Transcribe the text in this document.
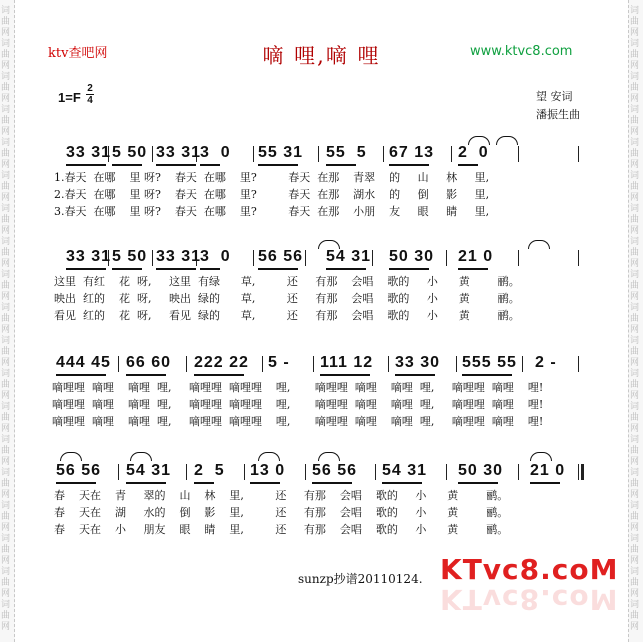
词
曲
网
词
曲
网
词
曲
网
词
曲
网
词
曲
网
词
曲
网
词
曲
网
词
曲
网
词
曲
网
词
曲
网
词
曲
网
词
曲
网
词
曲
网
词
曲
网
词
曲
网
词
曲
网
词
曲
网
词
曲
网
词
曲
网
词
曲
网
词
曲
网
词
曲
网
词
曲
网
词
曲
网
词
曲
网
词
曲
网
词
曲
网
词
曲
网
词
曲
网
词
曲
网
词
曲
网
词
曲
网
词
曲
网
词
曲
网
词
曲
网
词
曲
网
词
曲
网
词
曲
网
ktv查吧网	嘀 哩,嘀 哩	www.ktvc8.com
1=F
2
4	望 安词
潘振生曲
33 31 5 50 33 31
3  0 55 31 55  5 67 13 2  0
1.春天  在哪    里 呀?    春天  在哪    里?         春天  在那    青翠    的     山     林     里,
2.春天  在哪    里 呀?    春天  在哪    里?         春天  在那    湖水    的     倒     影     里,
3.春天  在哪    里 呀?    春天  在哪    里?         春天  在那    小朋    友     眼     睛     里,
33 31 5 50 33 31
3  0 56 56 54 31 50 30 21 0
这里  有红    花  呀,     这里  有绿      草,         还     有那    会唱    歌的     小      黄        鹂。
映出  红的    花  呀,     映出  绿的      草,         还     有那    会唱    歌的     小      黄        鹂。
看见  红的    花  呀,     看见  绿的      草,         还     有那    会唱    歌的     小      黄        鹂。
444 45 66 60 222 22 5 - 111 12 33 30 555 55 2 -
嘀哩哩  嘀哩    嘀哩  哩,     嘀哩哩  嘀哩哩    哩,       嘀哩哩  嘀哩    嘀哩  哩,     嘀哩哩  嘀哩    哩!
嘀哩哩  嘀哩    嘀哩  哩,     嘀哩哩  嘀哩哩    哩,       嘀哩哩  嘀哩    嘀哩  哩,     嘀哩哩  嘀哩    哩!
嘀哩哩  嘀哩    嘀哩  哩,     嘀哩哩  嘀哩哩    哩,       嘀哩哩  嘀哩    嘀哩  哩,     嘀哩哩  嘀哩    哩!
56 56 54 31 2  5 13 0 56 56 54 31 50 30 21 0
春    天在    青     翠的    山    林    里,         还     有那    会唱    歌的     小      黄        鹂。
春    天在    湖     水的    倒    影    里,         还     有那    会唱    歌的     小      黄        鹂。
春    天在    小     朋友    眼    睛    里,         还     有那    会唱    歌的     小      黄        鹂。
sunzp抄谱20110124. KTvc8.coM
KTvc8.coM
